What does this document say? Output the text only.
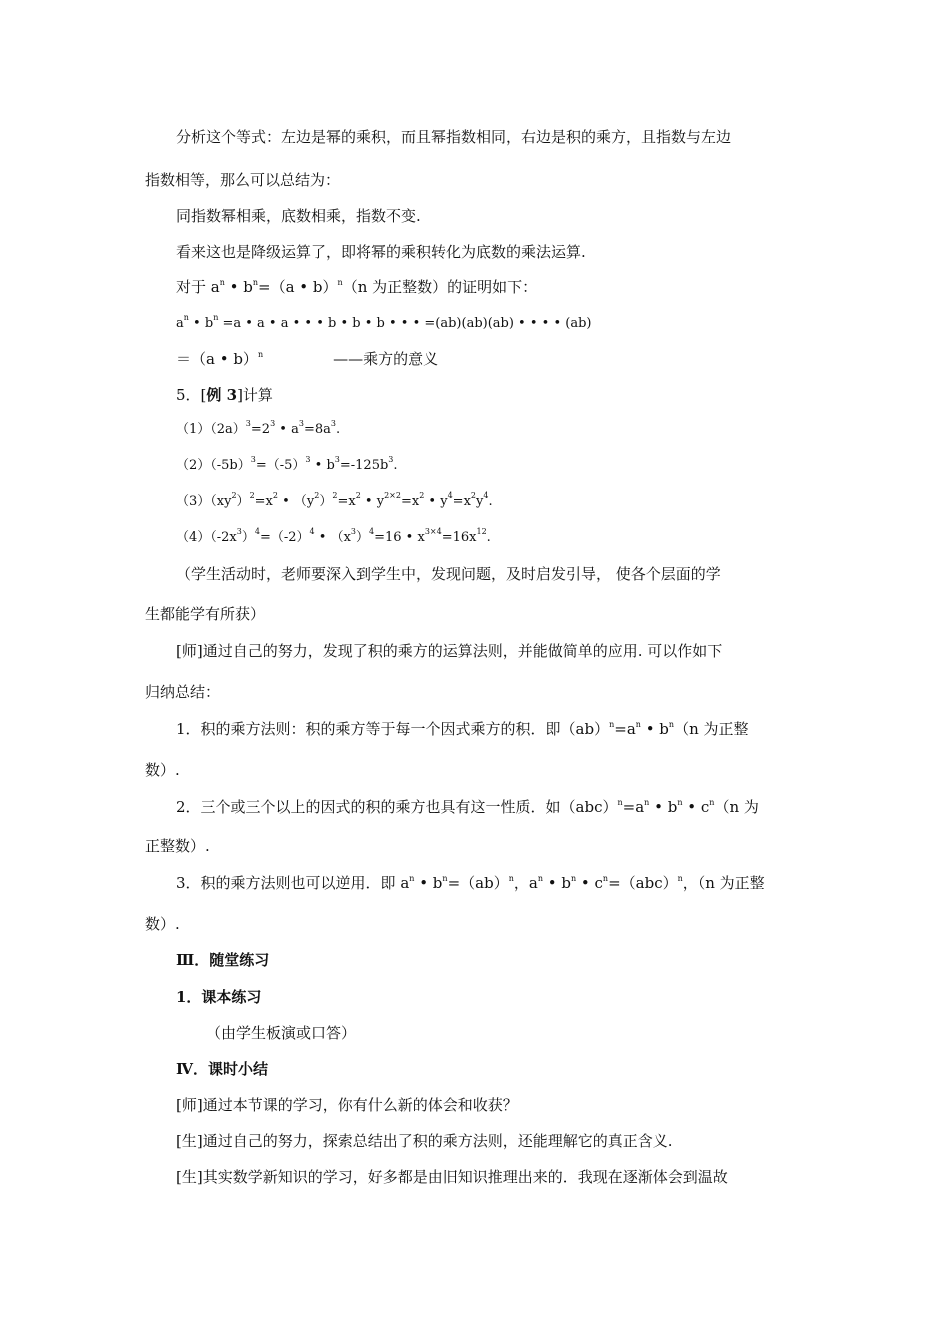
分析这个等式：左边是幂的乘积，而且幂指数相同，右边是积的乘方，且指数与左边
指数相等，那么可以总结为：
同指数幂相乘，底数相乘，指数不变.
看来这也是降级运算了，即将幂的乘积转化为底数的乘法运算.
对于 $a^n$ • $b^n=(a$ • b）$^n$（n 为正整数）的证明如下：
$a^n$ • $b^n =a$ • a • a • • • b • b • b • • • =(ab)(ab)(ab) • • • • (ab)
＝（a • b）$^n$	——乘方的意义
5．[例 3]计算
$(1)(2a)^3=2^3$ • $a^3=8a^3$.
$(2)(-5b)^3=(-5)^3$ • $b^3=-125b^3$.
$(3)(xy^2)^2=x^2$ • $(y^2)^2=x^2$ • $y^{2\times 2}=x^2$ • $y^4=x^2y^4$.
$(4)(-2x^3)^4=(-2)^4$ • $(x^3)^4=16$ • $x^{3\times 4}=16x^{12}$.
（学生活动时，老师要深入到学生中，发现问题，及时启发引导， 使各个层面的学
生都能学有所获）
[师]通过自己的努力，发现了积的乘方的运算法则，并能做简单的应用. 可以作如下
归纳总结：
1．积的乘方法则：积的乘方等于每一个因式乘方的积．即$(ab)^n=a^n$ • $b^n(n$ 为正整
数）.
2．三个或三个以上的因式的积的乘方也具有这一性质．如$(abc)^n=a^n$ • $b^n$ • $c^n(n$ 为
正整数）.
3．积的乘方法则也可以逆用．即 $a^n$ • $b^n=(ab)^n$，$a^n$ • $b^n$ • $c^n=(abc)^n$，（n 为正整
数）.
Ⅲ．随堂练习
1．课本练习
（由学生板演或口答）
Ⅳ．课时小结
[师]通过本节课的学习，你有什么新的体会和收获？
[生]通过自己的努力，探索总结出了积的乘方法则，还能理解它的真正含义.
[生]其实数学新知识的学习，好多都是由旧知识推理出来的．我现在逐渐体会到温故
